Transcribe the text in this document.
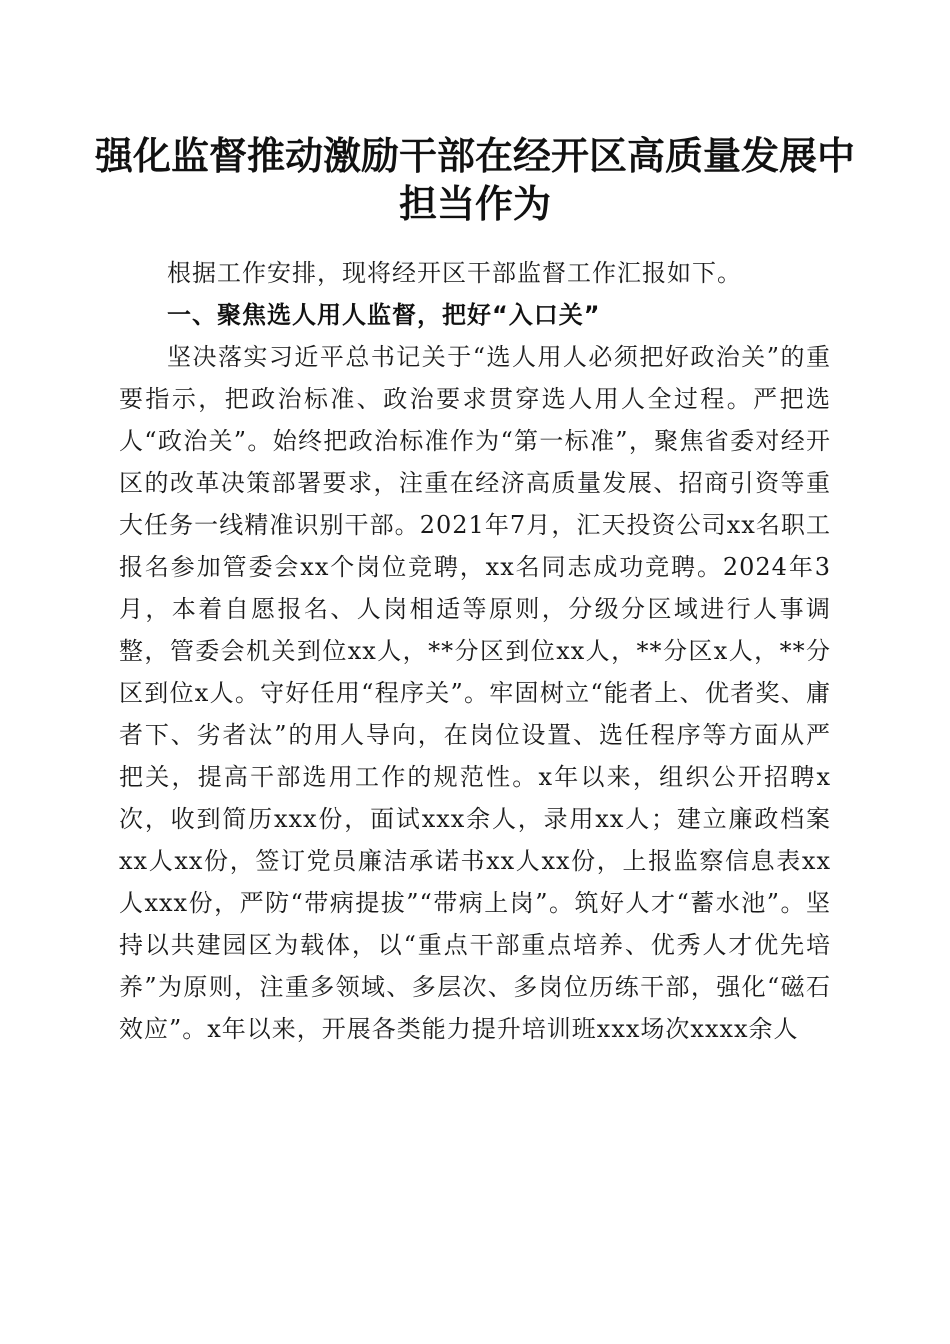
强化监督推动激励干部在经开区高质量发展中担当作为

根据工作安排，现将经开区干部监督工作汇报如下。

一、聚焦选人用人监督，把好“入口关”

坚决落实习近平总书记关于“选人用人必须把好政治关”的重要指示，把政治标准、政治要求贯穿选人用人全过程。严把选人“政治关”。始终把政治标准作为“第一标准”，聚焦省委对经开区的改革决策部署要求，注重在经济高质量发展、招商引资等重大任务一线精准识别干部。2021年7月，汇天投资公司xx名职工报名参加管委会xx个岗位竞聘，xx名同志成功竞聘。2024年3月，本着自愿报名、人岗相适等原则，分级分区域进行人事调整，管委会机关到位xx人，**分区到位xx人，**分区x人，**分区到位x人。守好任用“程序关”。牢固树立“能者上、优者奖、庸者下、劣者汰”的用人导向，在岗位设置、选任程序等方面从严把关，提高干部选用工作的规范性。x年以来，组织公开招聘x次，收到简历xxx份，面试xxx余人，录用xx人；建立廉政档案xx人xx份，签订党员廉洁承诺书xx人xx份，上报监察信息表xx人xxx份，严防“带病提拔”“带病上岗”。筑好人才“蓄水池”。坚持以共建园区为载体，以“重点干部重点培养、优秀人才优先培养”为原则，注重多领域、多层次、多岗位历练干部，强化“磁石效应”。x年以来，开展各类能力提升培训班xxx场次xxxx余人
